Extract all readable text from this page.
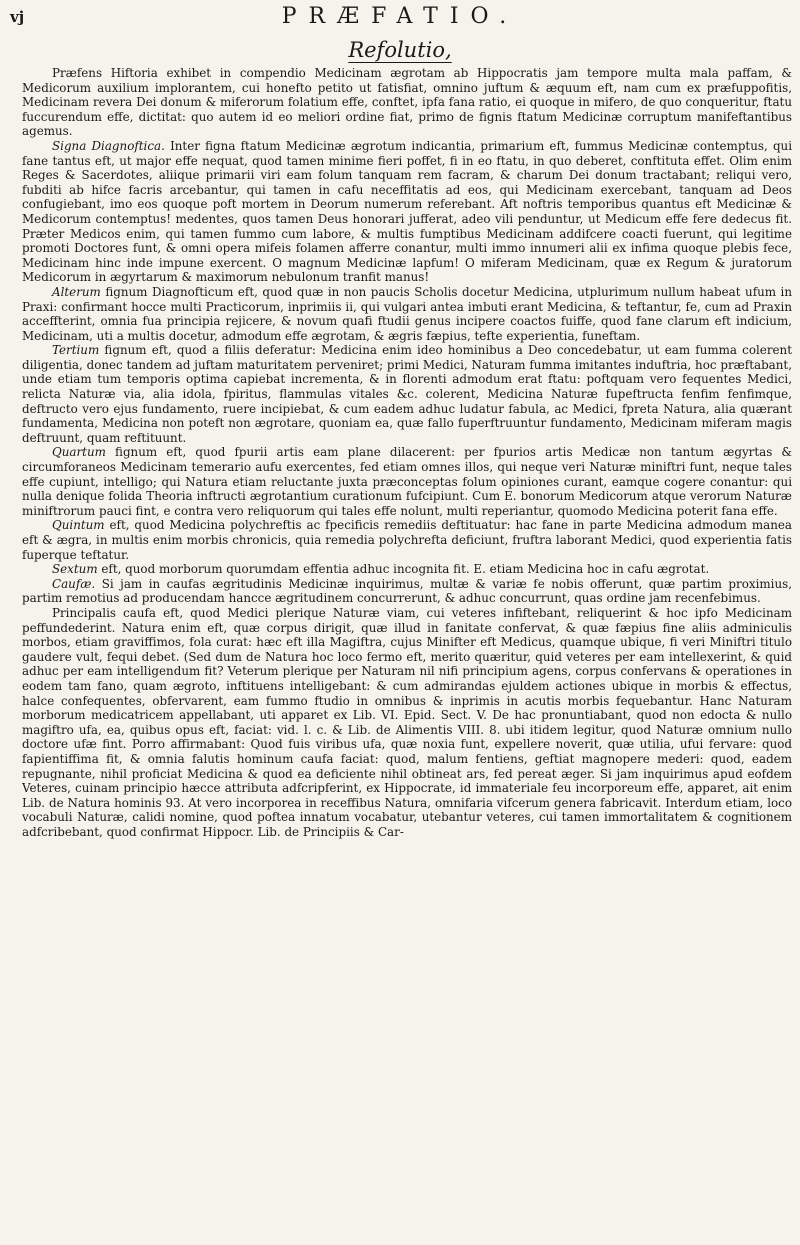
vj	PRÆFATIO.
Refolutio,

Præfens Hiftoria exhibet in compendio Medicinam ægrotam ab Hippocratis jam tempore multa mala paffam, & Medicorum auxilium implorantem, cui honefto petito ut fatisfiat, omnino juftum & æquum eft, nam cum ex præfuppofitis, Medicinam revera Dei donum & miferorum folatium effe, conftet, ipfa fana ratio, ei quoque in mifero, de quo conqueritur, ftatu fuccurendum effe, dictitat: quo autem id eo meliori ordine fiat, primo de fignis ftatum Medicinæ corruptum manifeftantibus agemus.

Signa Diagnoftica. Inter figna ftatum Medicinæ ægrotum indicantia, primarium eft, fummus Medicinæ contemptus, qui fane tantus eft, ut major effe nequat, quod tamen minime fieri poffet, fi in eo ftatu, in quo deberet, conftituta effet. Olim enim Reges & Sacerdotes, aliique primarii viri eam folum tanquam rem facram, & charum Dei donum tractabant; reliqui vero, fubditi ab hifce facris arcebantur, qui tamen in cafu neceffitatis ad eos, qui Medicinam exercebant, tanquam ad Deos confugiebant, imo eos quoque poft mortem in Deorum numerum referebant. Aft noftris temporibus quantus eft Medicinæ & Medicorum contemptus! medentes, quos tamen Deus honorari jufferat, adeo vili penduntur, ut Medicum effe fere dedecus fit. Præter Medicos enim, qui tamen fummo cum labore, & multis fumptibus Medicinam addifcere coacti fuerunt, qui legitime promoti Doctores funt, & omni opera mifeis folamen afferre conantur, multi immo innumeri alii ex infima quoque plebis fece, Medicinam hinc inde impune exercent. O magnum Medicinæ lapfum! O miferam Medicinam, quæ ex Regum & juratorum Medicorum in ægyrtarum & maximorum nebulonum tranfit manus!

Alterum fignum Diagnofticum eft, quod quæ in non paucis Scholis docetur Medicina, utplurimum nullum habeat ufum in Praxi: confirmant hocce multi Practicorum, inprimiis ii, qui vulgari antea imbuti erant Medicina, & teftantur, fe, cum ad Praxin acceffterint, omnia fua principia rejicere, & novum quafi ftudii genus incipere coactos fuiffe, quod fane clarum eft indicium, Medicinam, uti a multis docetur, admodum effe ægrotam, & ægris fæpius, tefte experientia, funeftam.

Tertium fignum eft, quod a filiis deferatur: Medicina enim ideo hominibus a Deo concedebatur, ut eam fumma colerent diligentia, donec tandem ad juftam maturitatem perveniret; primi Medici, Naturam fumma imitantes induftria, hoc præftabant, unde etiam tum temporis optima capiebat incrementa, & in florenti admodum erat ftatu: poftquam vero fequentes Medici, relicta Naturæ via, alia idola, fpiritus, flammulas vitales &c. colerent, Medicina Naturæ fupeftructa fenfim fenfimque, deftructo vero ejus fundamento, ruere incipiebat, & cum eadem adhuc ludatur fabula, ac Medici, fpreta Natura, alia quærant fundamenta, Medicina non poteft non ægrotare, quoniam ea, quæ fallo fuperftruuntur fundamento, Medicinam miferam magis deftruunt, quam reftituunt.

Quartum fignum eft, quod fpurii artis eam plane dilacerent: per fpurios artis Medicæ non tantum ægyrtas & circumforaneos Medicinam temerario aufu exercentes, fed etiam omnes illos, qui neque veri Naturæ miniftri funt, neque tales effe cupiunt, intelligo; qui Natura etiam reluctante juxta præconceptas folum opiniones curant, eamque cogere conantur: qui nulla denique folida Theoria inftructi ægrotantium curationum fufcipiunt. Cum E. bonorum Medicorum atque verorum Naturæ miniftrorum pauci fint, e contra vero reliquorum qui tales effe nolunt, multi reperiantur, quomodo Medicina poterit fana effe.

Quintum eft, quod Medicina polychreftis ac fpecificis remediis deftituatur: hac fane in parte Medicina admodum manea eft & ægra, in multis enim morbis chronicis, quia remedia polychrefta deficiunt, fruftra laborant Medici, quod experientia fatis fuperque teftatur.

Sextum eft, quod morborum quorumdam effentia adhuc incognita fit. E. etiam Medicina hoc in cafu ægrotat.

Caufæ. Si jam in caufas ægritudinis Medicinæ inquirimus, multæ & variæ fe nobis offerunt, quæ partim proximius, partim remotius ad producendam hancce ægritudinem concurrerunt, & adhuc concurrunt, quas ordine jam recenfebimus.

Principalis caufa eft, quod Medici plerique Naturæ viam, cui veteres infiftebant, reliquerint & hoc ipfo Medicinam peffundederint. Natura enim eft, quæ corpus dirigit, quæ illud in fanitate confervat, & quæ fæpius fine aliis adminiculis morbos, etiam graviffimos, fola curat: hæc eft illa Magiftra, cujus Minifter eft Medicus, quamque ubique, fi veri Miniftri titulo gaudere vult, fequi debet. (Sed dum de Natura hoc loco fermo eft, merito quæritur, quid veteres per eam intellexerint, & quid adhuc per eam intelligendum fit? Veterum plerique per Naturam nil nifi principium agens, corpus confervans & operationes in eodem tam fano, quam ægroto, inftituens intelligebant: & cum admirandas ejuldem actiones ubique in morbis & effectus, halce confequentes, obfervarent, eam fummo ftudio in omnibus & inprimis in acutis morbis fequebantur. Hanc Naturam morborum medicatricem appellabant, uti apparet ex Lib. VI. Epid. Sect. V. De hac pronuntiabant, quod non edocta & nullo magiftro ufa, ea, quibus opus eft, faciat: vid. l. c. & Lib. de Alimentis VIII. 8. ubi itidem legitur, quod Naturæ omnium nullo doctore ufæ fint. Porro affirmabant: Quod fuis viribus ufa, quæ noxia funt, expellere noverit, quæ utilia, ufui fervare: quod fapientiffima fit, & omnia falutis hominum caufa faciat: quod, malum fentiens, geftiat magnopere mederi: quod, eadem repugnante, nihil proficiat Medicina & quod ea deficiente nihil obtineat ars, fed pereat æger. Si jam inquirimus apud eofdem Veteres, cuinam principio hæcce attributa adfcripferint, ex Hippocrate, id immateriale feu incorporeum effe, apparet, ait enim Lib. de Natura hominis 93. At vero incorporea in receffibus Natura, omnifaria vifcerum genera fabricavit. Interdum etiam, loco vocabuli Naturæ, calidi nomine, quod poftea innatum vocabatur, utebantur veteres, cui tamen immortalitatem & cognitionem adfcribebant, quod confirmat Hippocr. Lib. de Principiis & Car-
